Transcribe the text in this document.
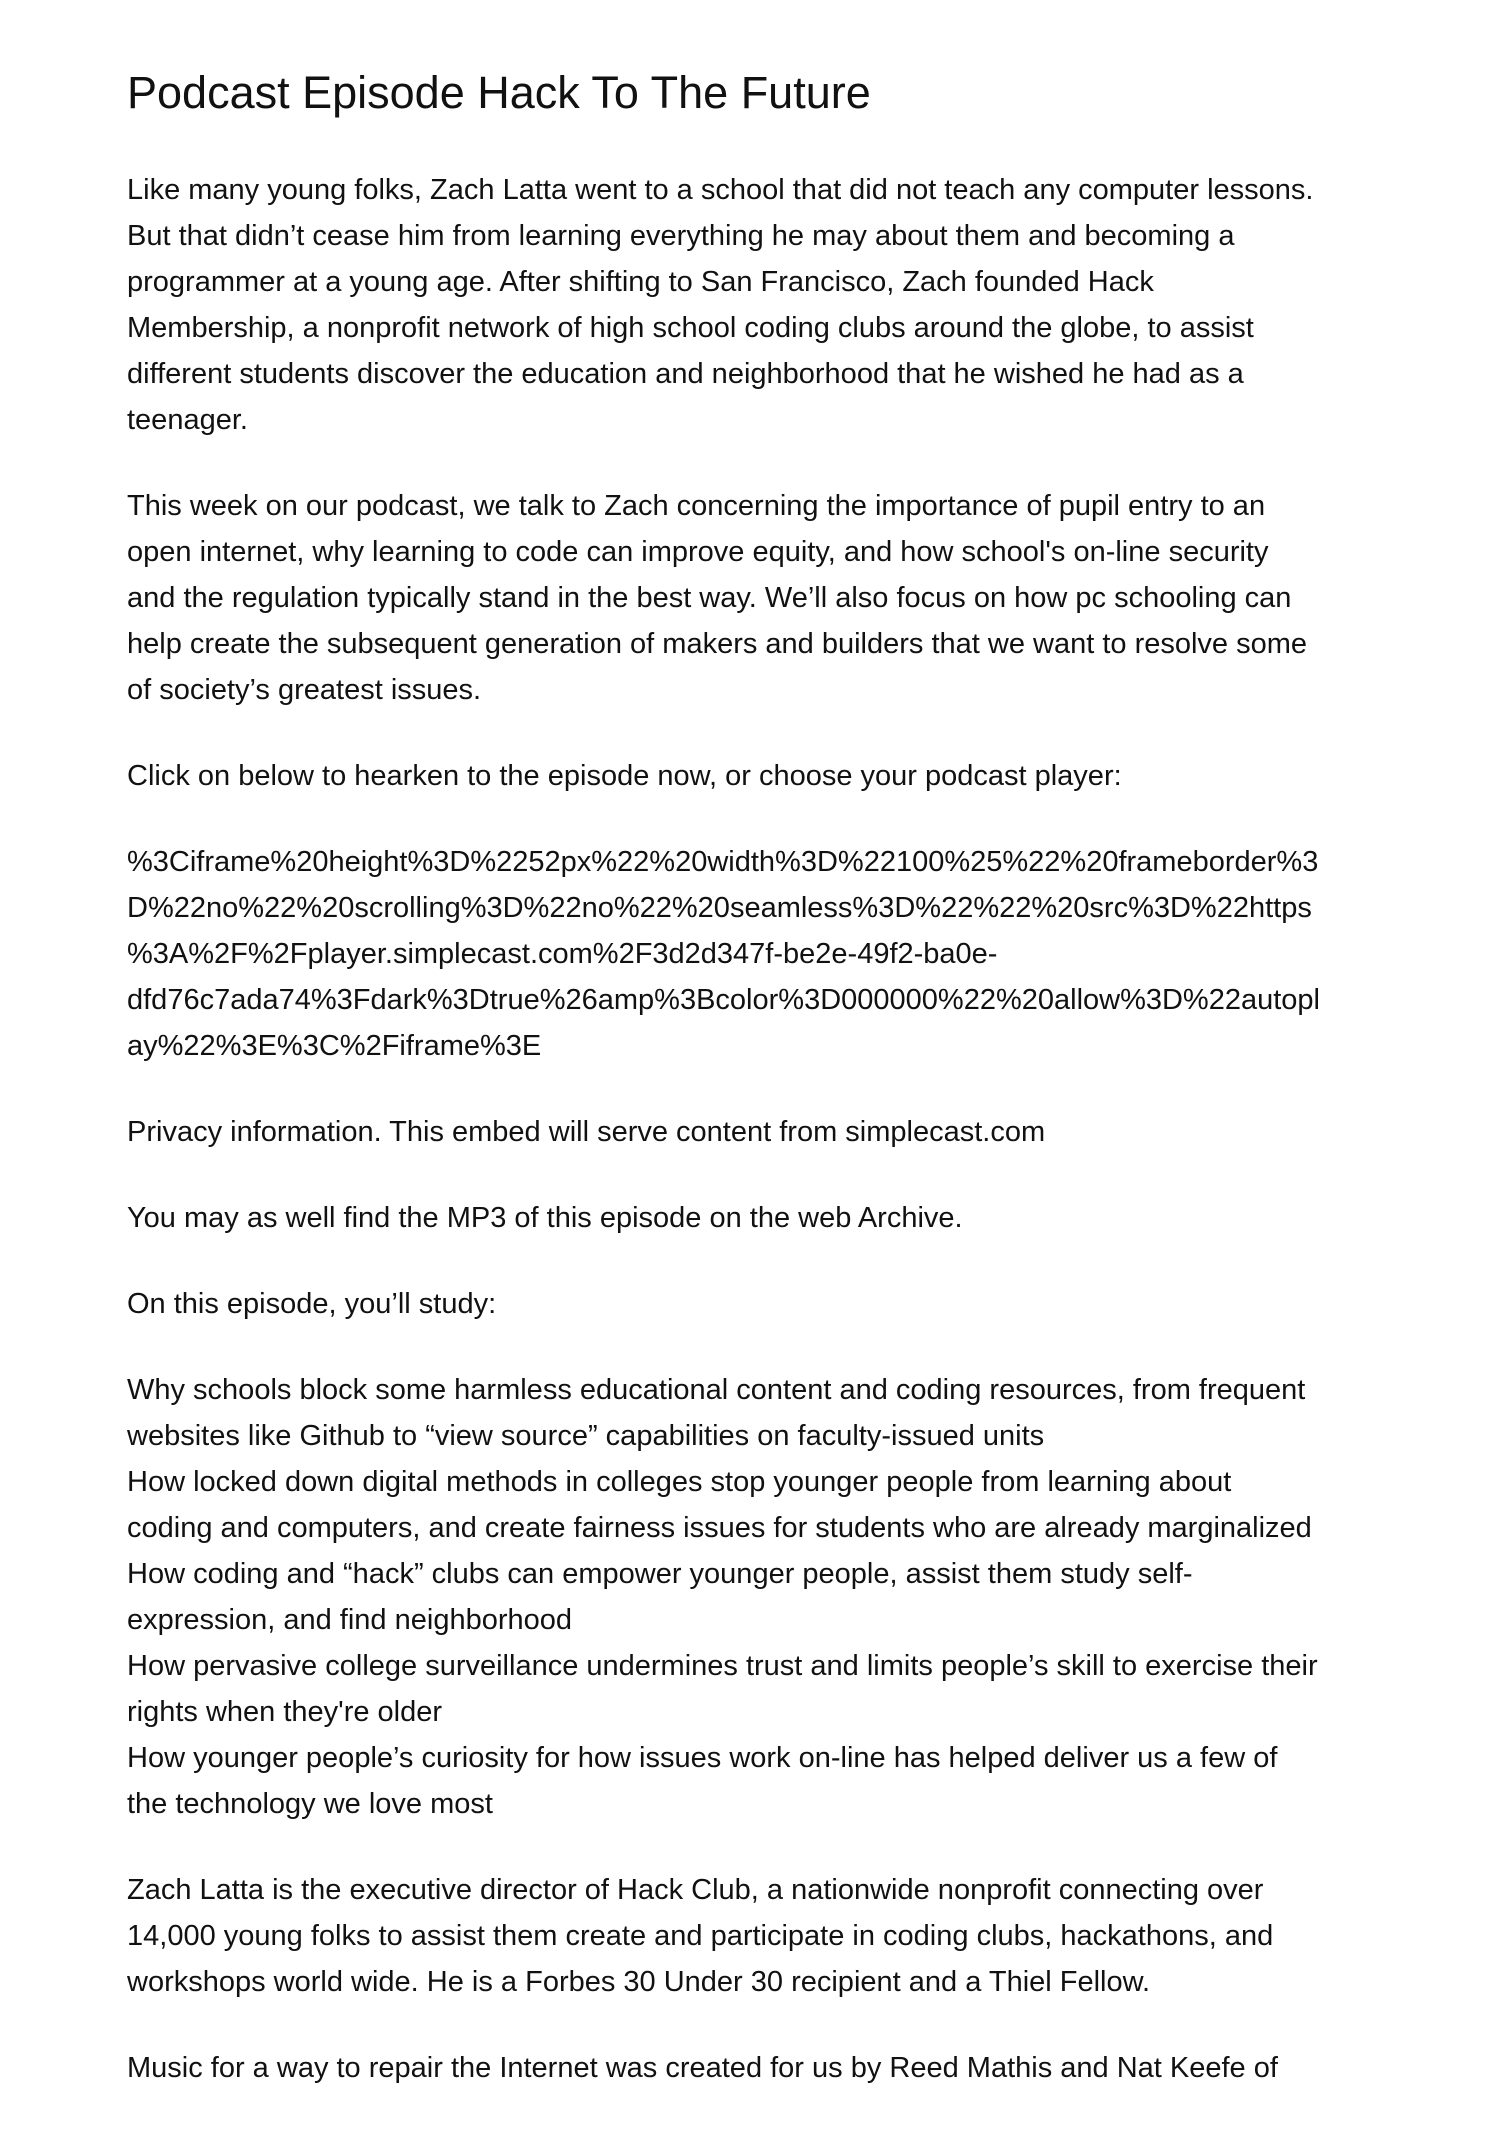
Podcast Episode Hack To The Future

Like many young folks, Zach Latta went to a school that did not teach any computer lessons.
But that didn’t cease him from learning everything he may about them and becoming a
programmer at a young age. After shifting to San Francisco, Zach founded Hack
Membership, a nonprofit network of high school coding clubs around the globe, to assist
different students discover the education and neighborhood that he wished he had as a
teenager.

This week on our podcast, we talk to Zach concerning the importance of pupil entry to an
open internet, why learning to code can improve equity, and how school's on-line security
and the regulation typically stand in the best way. We’ll also focus on how pc schooling can
help create the subsequent generation of makers and builders that we want to resolve some
of society’s greatest issues.

Click on below to hearken to the episode now, or choose your podcast player:

%3Ciframe%20height%3D%2252px%22%20width%3D%22100%25%22%20frameborder%3
D%22no%22%20scrolling%3D%22no%22%20seamless%3D%22%22%20src%3D%22https
%3A%2F%2Fplayer.simplecast.com%2F3d2d347f-be2e-49f2-ba0e-
dfd76c7ada74%3Fdark%3Dtrue%26amp%3Bcolor%3D000000%22%20allow%3D%22autopl
ay%22%3E%3C%2Fiframe%3E

Privacy information. This embed will serve content from simplecast.com

You may as well find the MP3 of this episode on the web Archive.

On this episode, you’ll study:

Why schools block some harmless educational content and coding resources, from frequent
websites like Github to “view source” capabilities on faculty-issued units
How locked down digital methods in colleges stop younger people from learning about
coding and computers, and create fairness issues for students who are already marginalized
How coding and “hack” clubs can empower younger people, assist them study self-
expression, and find neighborhood
How pervasive college surveillance undermines trust and limits people’s skill to exercise their
rights when they're older
How younger people’s curiosity for how issues work on-line has helped deliver us a few of
the technology we love most

Zach Latta is the executive director of Hack Club, a nationwide nonprofit connecting over
14,000 young folks to assist them create and participate in coding clubs, hackathons, and
workshops world wide. He is a Forbes 30 Under 30 recipient and a Thiel Fellow.

Music for a way to repair the Internet was created for us by Reed Mathis and Nat Keefe of
